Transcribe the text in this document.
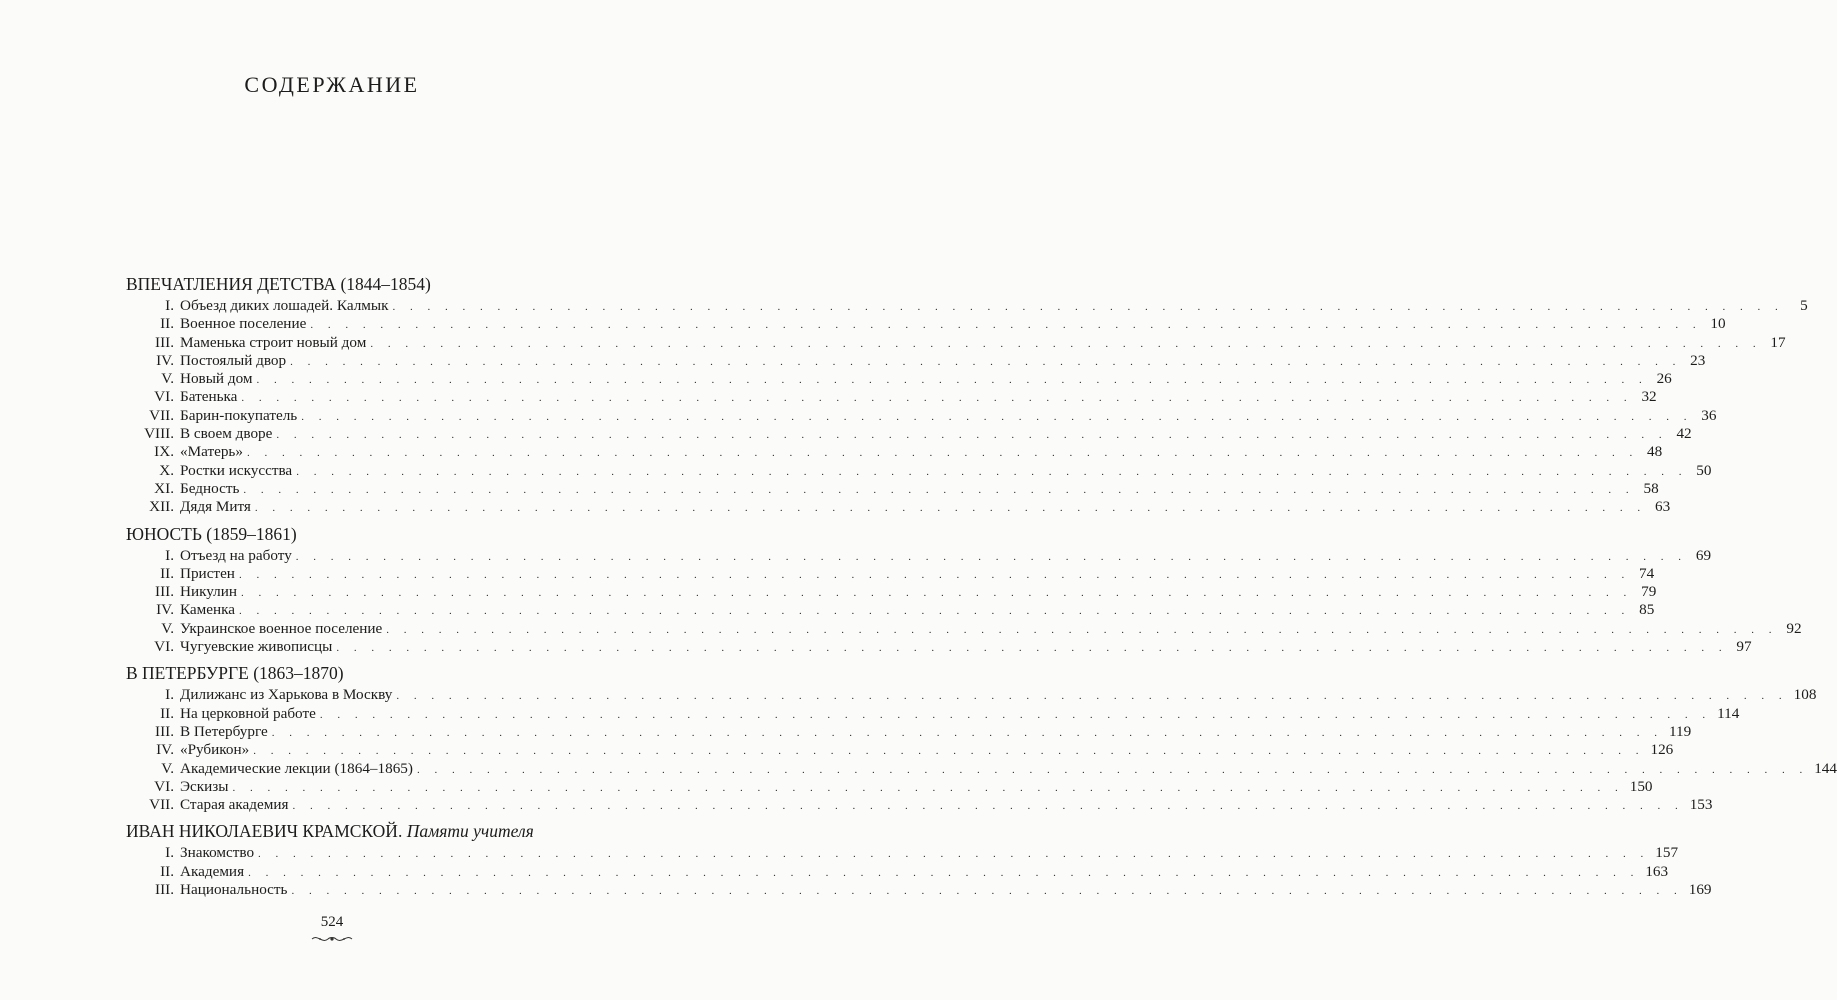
СОДЕРЖАНИЕ
ВПЕЧАТЛЕНИЯ ДЕТСТВА (1844–1854)
I. Объезд диких лошадей. Калмык . . . . . . . . . . . . . . . . . . . . . . . . . . . . . . . . . . . . . . . . . . . . . . . . . . . . . . . . . . . . . . . . . . . . . . . . . . . . . . . .	5
II. Военное поселение . . . . . . . . . . . . . . . . . . . . . . . . . . . . . . . . . . . . . . . . . . . . . . . . . . . . . . . . . . . . . . . . . . . . . . . . . . . . . . . . 10
III. Маменька строит новый дом . . . . . . . . . . . . . . . . . . . . . . . . . . . . . . . . . . . . . . . . . . . . . . . . . . . . . . . . . . . . . . . . . . . . . . . . . . . . . . . . 17
IV. Постоялый двор . . . . . . . . . . . . . . . . . . . . . . . . . . . . . . . . . . . . . . . . . . . . . . . . . . . . . . . . . . . . . . . . . . . . . . . . . . . . . . . . 23
V. Новый дом . . . . . . . . . . . . . . . . . . . . . . . . . . . . . . . . . . . . . . . . . . . . . . . . . . . . . . . . . . . . . . . . . . . . . . . . . . . . . . . . 26
VI. Батенька . . . . . . . . . . . . . . . . . . . . . . . . . . . . . . . . . . . . . . . . . . . . . . . . . . . . . . . . . . . . . . . . . . . . . . . . . . . . . . . . 32
VII. Барин-покупатель . . . . . . . . . . . . . . . . . . . . . . . . . . . . . . . . . . . . . . . . . . . . . . . . . . . . . . . . . . . . . . . . . . . . . . . . . . . . . . . . 36
VIII. В своем дворе . . . . . . . . . . . . . . . . . . . . . . . . . . . . . . . . . . . . . . . . . . . . . . . . . . . . . . . . . . . . . . . . . . . . . . . . . . . . . . . . 42
IX. «Матерь» . . . . . . . . . . . . . . . . . . . . . . . . . . . . . . . . . . . . . . . . . . . . . . . . . . . . . . . . . . . . . . . . . . . . . . . . . . . . . . . . 48
X. Ростки искусства . . . . . . . . . . . . . . . . . . . . . . . . . . . . . . . . . . . . . . . . . . . . . . . . . . . . . . . . . . . . . . . . . . . . . . . . . . . . . . . . 50
XI. Бедность . . . . . . . . . . . . . . . . . . . . . . . . . . . . . . . . . . . . . . . . . . . . . . . . . . . . . . . . . . . . . . . . . . . . . . . . . . . . . . . . 58
XII. Дядя Митя . . . . . . . . . . . . . . . . . . . . . . . . . . . . . . . . . . . . . . . . . . . . . . . . . . . . . . . . . . . . . . . . . . . . . . . . . . . . . . . . 63
ЮНОСТЬ (1859–1861)
I. Отъезд на работу . . . . . . . . . . . . . . . . . . . . . . . . . . . . . . . . . . . . . . . . . . . . . . . . . . . . . . . . . . . . . . . . . . . . . . . . . . . . . . . . 69
II. Пристен . . . . . . . . . . . . . . . . . . . . . . . . . . . . . . . . . . . . . . . . . . . . . . . . . . . . . . . . . . . . . . . . . . . . . . . . . . . . . . . . 74
III. Никулин . . . . . . . . . . . . . . . . . . . . . . . . . . . . . . . . . . . . . . . . . . . . . . . . . . . . . . . . . . . . . . . . . . . . . . . . . . . . . . . . 79
IV. Каменка . . . . . . . . . . . . . . . . . . . . . . . . . . . . . . . . . . . . . . . . . . . . . . . . . . . . . . . . . . . . . . . . . . . . . . . . . . . . . . . . 85
V. Украинское военное поселение . . . . . . . . . . . . . . . . . . . . . . . . . . . . . . . . . . . . . . . . . . . . . . . . . . . . . . . . . . . . . . . . . . . . . . . . . . . . . . . . 92
VI. Чугуевские живописцы . . . . . . . . . . . . . . . . . . . . . . . . . . . . . . . . . . . . . . . . . . . . . . . . . . . . . . . . . . . . . . . . . . . . . . . . . . . . . . . . 97
В ПЕТЕРБУРГЕ (1863–1870)
I. Дилижанс из Харькова в Москву . . . . . . . . . . . . . . . . . . . . . . . . . . . . . . . . . . . . . . . . . . . . . . . . . . . . . . . . . . . . . . . . . . . . . . . . . . . . . . . . 108
II. На церковной работе . . . . . . . . . . . . . . . . . . . . . . . . . . . . . . . . . . . . . . . . . . . . . . . . . . . . . . . . . . . . . . . . . . . . . . . . . . . . . . . . 114
III. В Петербурге . . . . . . . . . . . . . . . . . . . . . . . . . . . . . . . . . . . . . . . . . . . . . . . . . . . . . . . . . . . . . . . . . . . . . . . . . . . . . . . . 119
IV. «Рубикон» . . . . . . . . . . . . . . . . . . . . . . . . . . . . . . . . . . . . . . . . . . . . . . . . . . . . . . . . . . . . . . . . . . . . . . . . . . . . . . . . 126
V. Академические лекции (1864–1865) . . . . . . . . . . . . . . . . . . . . . . . . . . . . . . . . . . . . . . . . . . . . . . . . . . . . . . . . . . . . . . . . . . . . . . . . . . . . . . . . 144
VI. Эскизы . . . . . . . . . . . . . . . . . . . . . . . . . . . . . . . . . . . . . . . . . . . . . . . . . . . . . . . . . . . . . . . . . . . . . . . . . . . . . . . . 150
VII. Старая академия . . . . . . . . . . . . . . . . . . . . . . . . . . . . . . . . . . . . . . . . . . . . . . . . . . . . . . . . . . . . . . . . . . . . . . . . . . . . . . . . 153
ИВАН НИКОЛАЕВИЧ КРАМСКОЙ. Памяти учителя
I. Знакомство . . . . . . . . . . . . . . . . . . . . . . . . . . . . . . . . . . . . . . . . . . . . . . . . . . . . . . . . . . . . . . . . . . . . . . . . . . . . . . . . 157
II. Академия . . . . . . . . . . . . . . . . . . . . . . . . . . . . . . . . . . . . . . . . . . . . . . . . . . . . . . . . . . . . . . . . . . . . . . . . . . . . . . . . 163
III. Национальность . . . . . . . . . . . . . . . . . . . . . . . . . . . . . . . . . . . . . . . . . . . . . . . . . . . . . . . . . . . . . . . . . . . . . . . . . . . . . . . . 169
524
